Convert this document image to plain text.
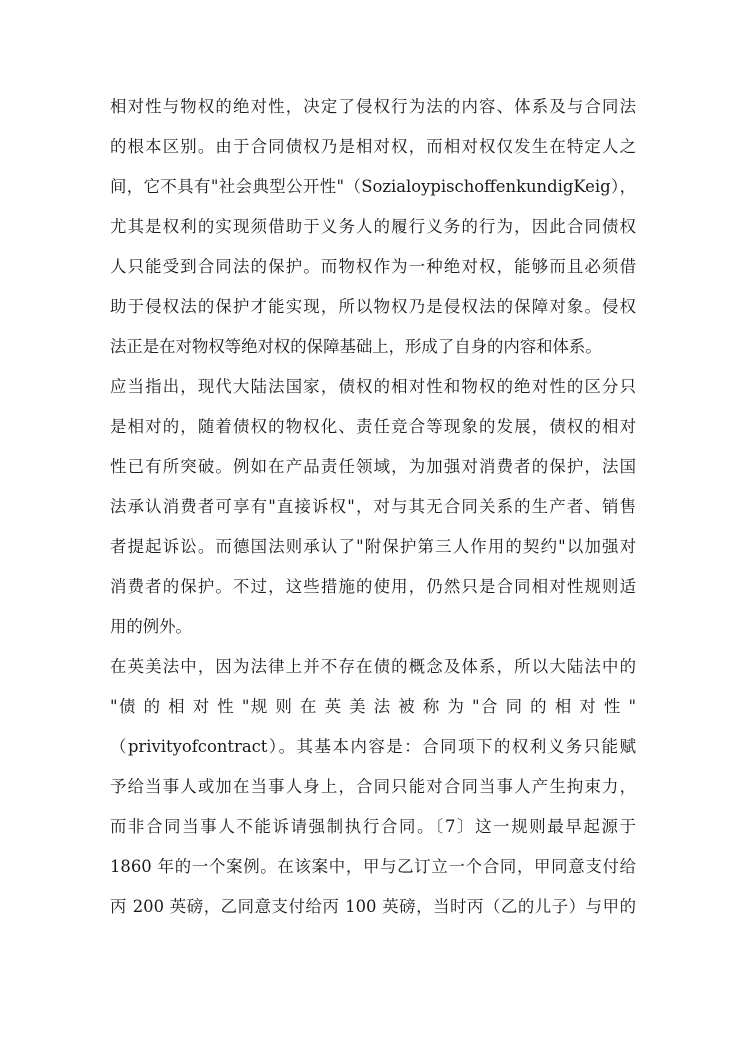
相对性与物权的绝对性，决定了侵权行为法的内容、体系及与合同法
的根本区别。由于合同债权乃是相对权，而相对权仅发生在特定人之
间，它不具有"社会典型公开性"（SozialoypischoffenkundigKeig），
尤其是权利的实现须借助于义务人的履行义务的行为，因此合同债权
人只能受到合同法的保护。而物权作为一种绝对权，能够而且必须借
助于侵权法的保护才能实现，所以物权乃是侵权法的保障对象。侵权
法正是在对物权等绝对权的保障基础上，形成了自身的内容和体系。
应当指出，现代大陆法国家，债权的相对性和物权的绝对性的区分只
是相对的，随着债权的物权化、责任竞合等现象的发展，债权的相对
性已有所突破。例如在产品责任领域，为加强对消费者的保护，法国
法承认消费者可享有"直接诉权"，对与其无合同关系的生产者、销售
者提起诉讼。而德国法则承认了"附保护第三人作用的契约"以加强对
消费者的保护。不过，这些措施的使用，仍然只是合同相对性规则适
用的例外。
在英美法中，因为法律上并不存在债的概念及体系，所以大陆法中的
"债 的 相 对 性 "规 则 在 英 美 法 被 称 为 "合 同 的 相 对 性 "
（privityofcontract）。其基本内容是：合同项下的权利义务只能赋
予给当事人或加在当事人身上，合同只能对合同当事人产生拘束力，
而非合同当事人不能诉请强制执行合同。〔7〕这一规则最早起源于
1860 年的一个案例。在该案中，甲与乙订立一个合同，甲同意支付给
丙 200 英磅，乙同意支付给丙 100 英磅，当时丙（乙的儿子）与甲的
